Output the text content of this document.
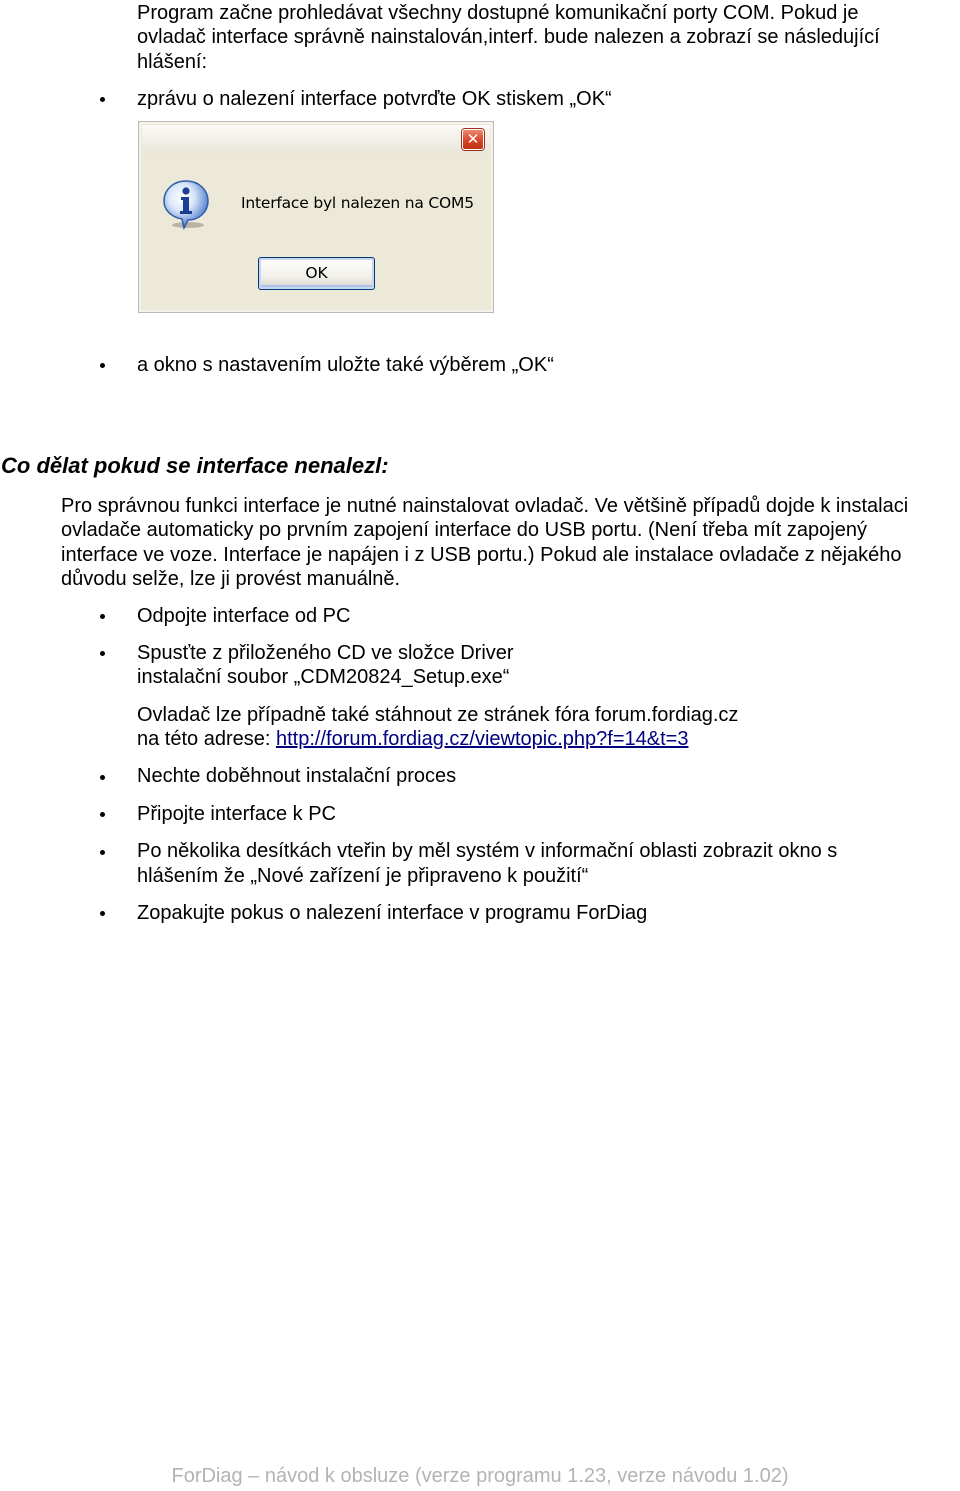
Program začne prohledávat všechny dostupné komunikační porty COM. Pokud je
ovladač interface správně nainstalován,interf. bude nalezen a zobrazí se následující
hlášení:
zprávu o nalezení interface potvrďte OK stiskem „OK“
✕
Interface byl nalezen na COM5
OK
a okno s nastavením uložte také výběrem „OK“
Co dělat pokud se interface nenalezl:
Pro správnou funkci interface je nutné nainstalovat ovladač. Ve většině případů dojde k instalaci
ovladače automaticky po prvním zapojení interface do USB portu. (Není třeba mít zapojený
interface ve voze. Interface je napájen i z USB portu.) Pokud ale instalace ovladače z nějakého
důvodu selže, lze ji provést manuálně.
Odpojte interface od PC
Spusťte z přiloženého CD ve složce Driver
instalační soubor „CDM20824_Setup.exe“
Ovladač lze případně také stáhnout ze stránek fóra forum.fordiag.cz
na této adrese: http://forum.fordiag.cz/viewtopic.php?f=14&t=3
Nechte doběhnout instalační proces
Připojte interface k PC
Po několika desítkách vteřin by měl systém v informační oblasti zobrazit okno s
hlášením že „Nové zařízení je připraveno k použití“
Zopakujte pokus o nalezení interface v programu ForDiag
ForDiag – návod k obsluze (verze programu 1.23, verze návodu 1.02)
